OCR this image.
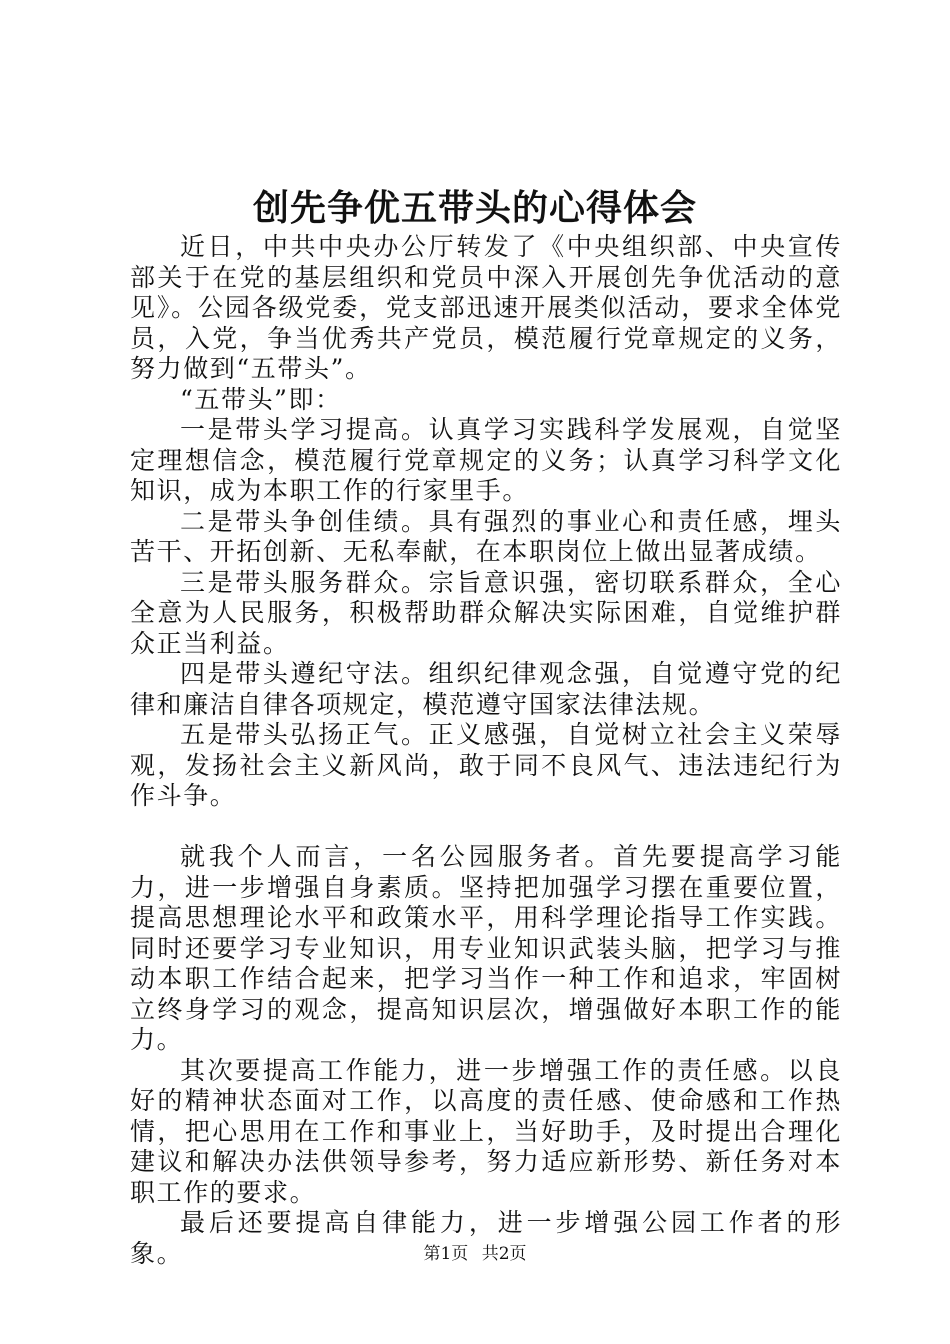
创先争优五带头的心得体会

近日，中共中央办公厅转发了《中央组织部、中央宣传部关于在党的基层组织和党员中深入开展创先争优活动的意见》。公园各级党委，党支部迅速开展类似活动，要求全体党员，入党，争当优秀共产党员，模范履行党章规定的义务，努力做到“五带头”。

“五带头”即：

一是带头学习提高。认真学习实践科学发展观，自觉坚定理想信念，模范履行党章规定的义务；认真学习科学文化知识，成为本职工作的行家里手。

二是带头争创佳绩。具有强烈的事业心和责任感，埋头苦干、开拓创新、无私奉献，在本职岗位上做出显著成绩。

三是带头服务群众。宗旨意识强，密切联系群众，全心全意为人民服务，积极帮助群众解决实际困难，自觉维护群众正当利益。

四是带头遵纪守法。组织纪律观念强，自觉遵守党的纪律和廉洁自律各项规定，模范遵守国家法律法规。

五是带头弘扬正气。正义感强，自觉树立社会主义荣辱观，发扬社会主义新风尚，敢于同不良风气、违法违纪行为作斗争。

就我个人而言，一名公园服务者。首先要提高学习能力，进一步增强自身素质。坚持把加强学习摆在重要位置，提高思想理论水平和政策水平，用科学理论指导工作实践。同时还要学习专业知识，用专业知识武装头脑，把学习与推动本职工作结合起来，把学习当作一种工作和追求，牢固树立终身学习的观念，提高知识层次，增强做好本职工作的能力。

其次要提高工作能力，进一步增强工作的责任感。以良好的精神状态面对工作，以高度的责任感、使命感和工作热情，把心思用在工作和事业上，当好助手，及时提出合理化建议和解决办法供领导参考，努力适应新形势、新任务对本职工作的要求。

最后还要提高自律能力，进一步增强公园工作者的形象。	第1页 共2页
